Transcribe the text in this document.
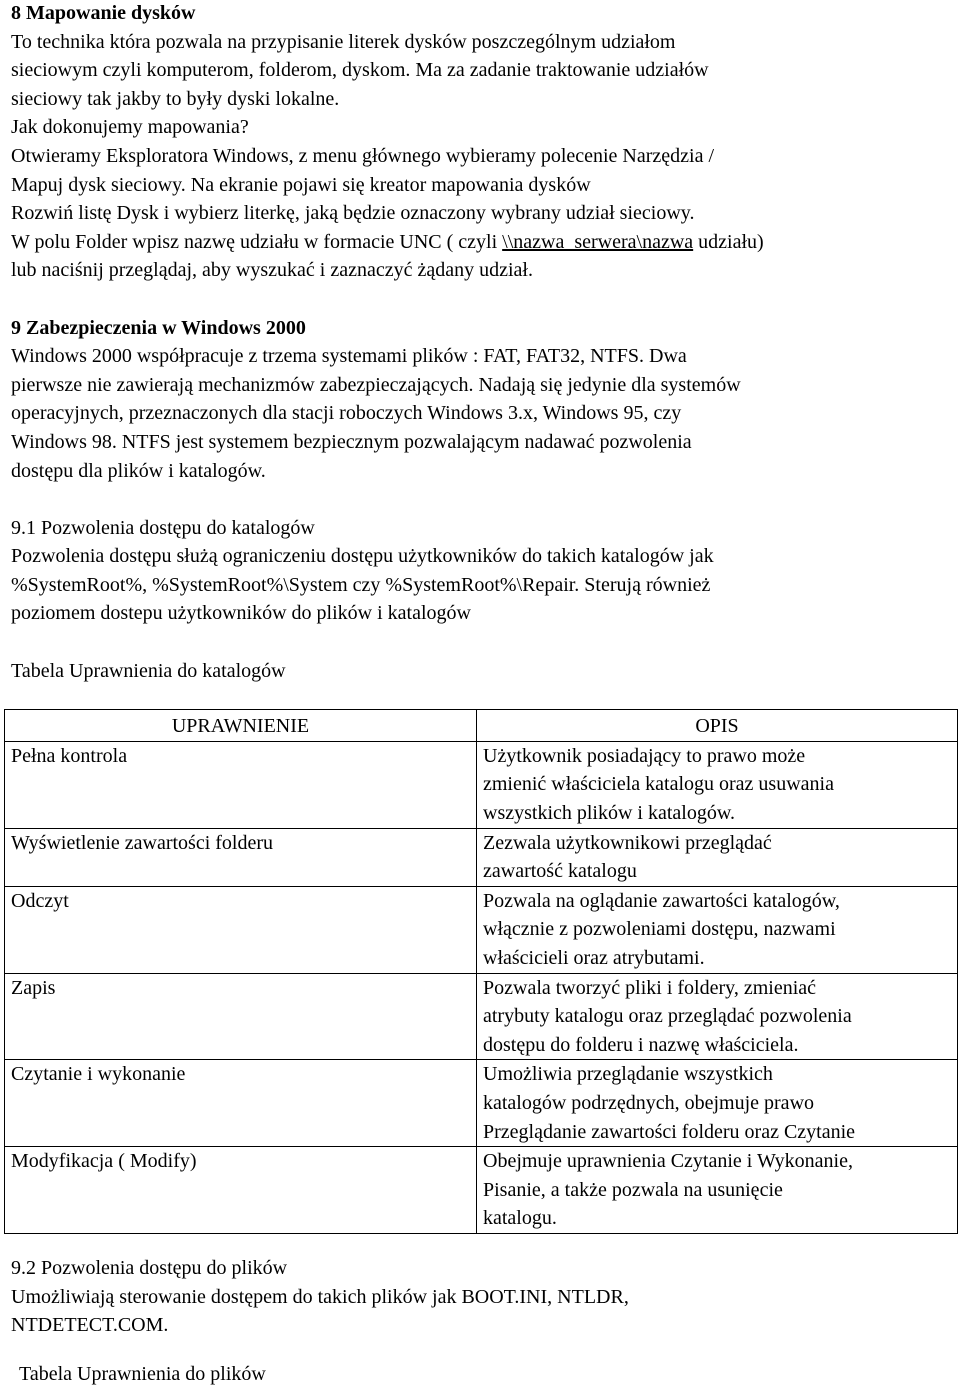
8 Mapowanie dysków

To technika która pozwala na przypisanie literek dysków poszczególnym udziałom

sieciowym czyli komputerom, folderom, dyskom. Ma za zadanie traktowanie udziałów

sieciowy tak jakby to były dyski lokalne.

Jak dokonujemy mapowania?

Otwieramy Eksploratora Windows, z menu głównego wybieramy polecenie Narzędzia /

Mapuj dysk sieciowy. Na ekranie pojawi się kreator mapowania dysków

Rozwiń listę Dysk i wybierz literkę, jaką będzie oznaczony wybrany udział sieciowy.

W polu Folder wpisz nazwę udziału w formacie UNC ( czyli \\nazwa_serwera\nazwa udziału)

lub naciśnij przeglądaj, aby wyszukać i zaznaczyć żądany udział.

9 Zabezpieczenia w Windows 2000

Windows 2000 współpracuje z trzema systemami plików : FAT, FAT32, NTFS. Dwa

pierwsze nie zawierają mechanizmów zabezpieczających. Nadają się jedynie dla systemów

operacyjnych, przeznaczonych dla stacji roboczych Windows 3.x, Windows 95, czy

Windows 98. NTFS jest systemem bezpiecznym pozwalającym nadawać pozwolenia

dostępu dla plików i katalogów.

9.1 Pozwolenia dostępu do katalogów

Pozwolenia dostępu służą ograniczeniu dostępu użytkowników do takich katalogów jak

%SystemRoot%, %SystemRoot%\System czy %SystemRoot%\Repair. Sterują również

poziomem dostepu użytkowników do plików i katalogów

Tabela Uprawnienia do katalogów

UPRAWNIENIE	OPIS
Pełna kontrola	Użytkownik posiadający to prawo może
zmienić właściciela katalogu oraz usuwania
wszystkich plików i katalogów.

Wyświetlenie zawartości folderu	Zezwala użytkownikowi przeglądać
zawartość katalogu

Odczyt	Pozwala na oglądanie zawartości katalogów,
włącznie z pozwoleniami dostępu, nazwami
właścicieli oraz atrybutami.

Zapis	Pozwala tworzyć pliki i foldery, zmieniać
atrybuty katalogu oraz przeglądać pozwolenia
dostępu do folderu i nazwę właściciela.

Czytanie i wykonanie	Umożliwia przeglądanie wszystkich
katalogów podrzędnych, obejmuje prawo
Przeglądanie zawartości folderu oraz Czytanie

Modyfikacja ( Modify)	Obejmuje uprawnienia Czytanie i Wykonanie,
Pisanie, a także pozwala na usunięcie
katalogu.

9.2 Pozwolenia dostępu do plików

Umożliwiają sterowanie dostępem do takich plików jak BOOT.INI, NTLDR,

NTDETECT.COM.

Tabela Uprawnienia do plików
